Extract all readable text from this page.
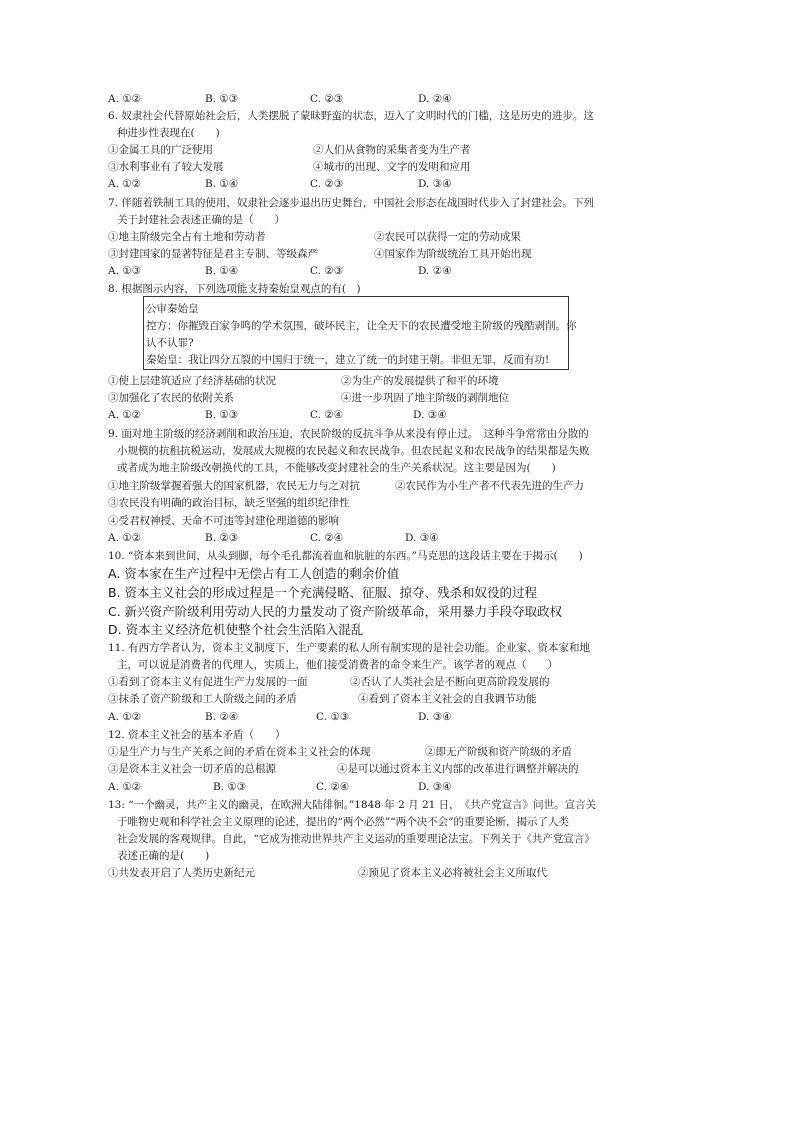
A. ①②	B. ①③	C. ②③	D. ②④
6. 奴隶社会代替原始社会后，人类摆脱了蒙昧野蛮的状态，迈入了文明时代的门槛，这是历史的进步。这
种进步性表现在(　　)
①金属工具的广泛使用	②人们从食物的采集者变为生产者
③水利事业有了较大发展	④城市的出现、文字的发明和应用
A. ①②	B. ①④	C. ②③	D. ③④
7. 伴随着铁制工具的使用，奴隶社会逐步退出历史舞台，中国社会形态在战国时代步入了封建社会。下列
关于封建社会表述正确的是（　　）
①地主阶级完全占有土地和劳动者	②农民可以获得一定的劳动成果
③封建国家的显著特征是君主专制、等级森严	④国家作为阶级统治工具开始出现
A. ①③	B. ①④	C. ②③	D. ②④
8. 根据图示内容，下列选项能支持秦始皇观点的有(　)
公审秦始皇
控方：你摧毁百家争鸣的学术氛围，破坏民主，让全天下的农民遭受地主阶级的残酷剥削。你
认不认罪?
秦始皇：我让四分五裂的中国归于统一，建立了统一的封建王朝。非但无罪，反而有功!
①使上层建筑适应了经济基础的状况	②为生产的发展提供了和平的环境
③加强化了农民的依附关系	④进一步巩固了地主阶级的剥削地位
A. ①②	B. ①③	C. ②④	D. ③④
9. 面对地主阶级的经济剥削和政治压迫，农民阶级的反抗斗争从来没有停止过。　这种斗争常常由分散的
小规模的抗租抗税运动，发展成大规模的农民起义和农民战争。但农民起义和农民战争的结果都是失败
或者成为地主阶级改朝换代的工具，不能够改变封建社会的生产关系状况。这主要是因为(　　)
①地主阶级掌握着强大的国家机器，农民无力与之对抗	②农民作为小生产者不代表先进的生产力
③农民没有明确的政治目标，缺乏坚强的组织纪律性
④受君权神授、天命不可违等封建伦理道德的影响
A. ①②	B. ②③	C. ②④	D. ③④
10. “资本来到世间，从头到脚，每个毛孔都流着血和肮脏的东西。”马克思的这段话主要在于揭示(　　)
A. 资本家在生产过程中无偿占有工人创造的剩余价值
B. 资本主义社会的形成过程是一个充满侵略、征服、掠夺、残杀和奴役的过程
C. 新兴资产阶级利用劳动人民的力量发动了资产阶级革命，采用暴力手段夺取政权
D. 资本主义经济危机使整个社会生活陷入混乱
11. 有西方学者认为，资本主义制度下，生产要素的私人所有制实现的是社会功能。企业家、资本家和地
主，可以说是消费者的代理人，实质上，他们接受消费者的命令来生产。该学者的观点（　　）
①看到了资本主义有促进生产力发展的一面	②否认了人类社会是不断向更高阶段发展的
③抹杀了资产阶级和工人阶级之间的矛盾	④看到了资本主义社会的自我调节功能
A. ①②	B. ②④	C. ①③	D. ③④
12. 资本主义社会的基本矛盾（　　）
①是生产力与生产关系之间的矛盾在资本主义社会的体现	②即无产阶级和资产阶级的矛盾
③是资本主义社会一切矛盾的总根源	④是可以通过资本主义内部的改革进行调整并解决的
A. ①②	B. ①③	C. ②④	D. ③④
13: “一个幽灵，共产主义的幽灵，在欧洲大陆徘徊。”1848 年 2 月 21 日，　《共产党宣言》问世。宣言关
于唯物史观和科学社会主义原理的论述，提出的“两个必然”“两个决不会”的重要论断，揭示了人类
社会发展的客观规律。自此，“它成为推动世界共产主义运动的重要理论法宝。下列关于《共产党宣言》
表述正确的是(　　)
①共发表开启了人类历史新纪元	②预见了资本主义必将被社会主义所取代
